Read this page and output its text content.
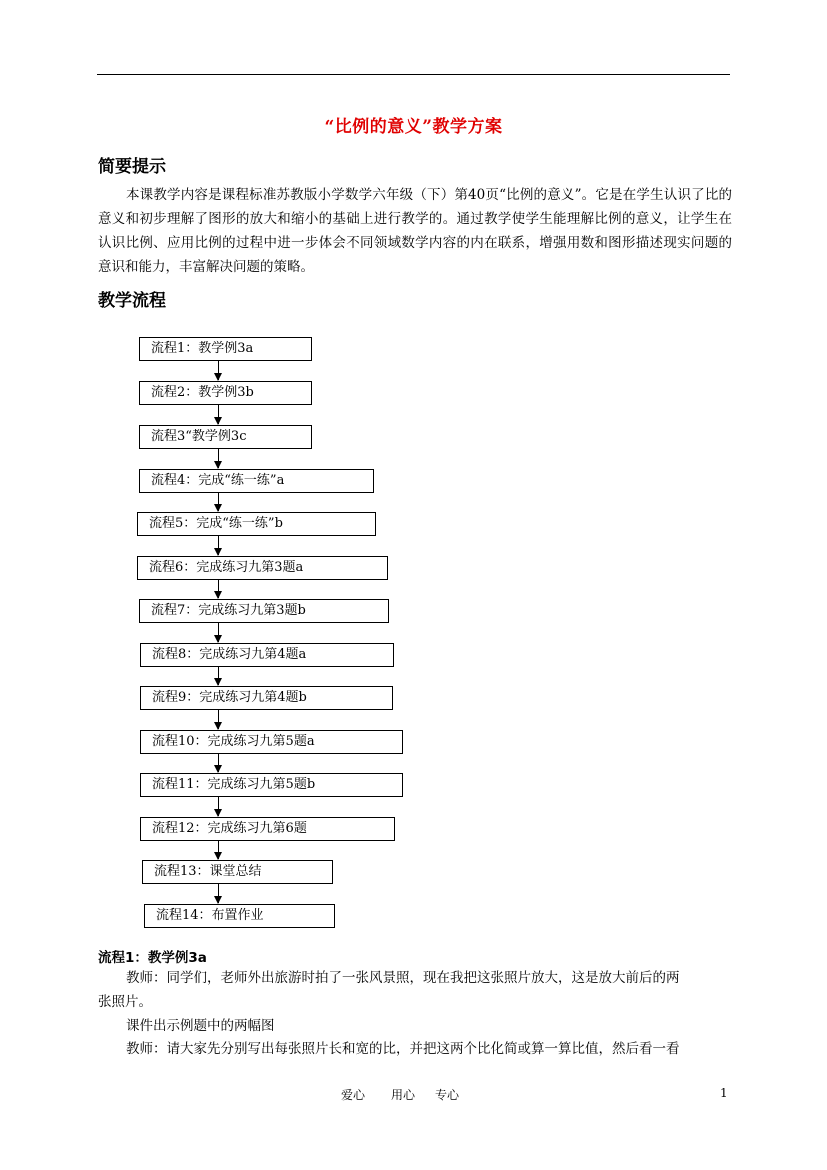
“比例的意义”教学方案
简要提示
本课教学内容是课程标准苏教版小学数学六年级（下）第40页“比例的意义”。它是在学生认识了比的意义和初步理解了图形的放大和缩小的基础上进行教学的。通过教学使学生能理解比例的意义，让学生在认识比例、应用比例的过程中进一步体会不同领域数学内容的内在联系，增强用数和图形描述现实问题的意识和能力，丰富解决问题的策略。
教学流程
流程1：教学例3a
流程2：教学例3b
流程3“教学例3c
流程4：完成“练一练”a
流程5：完成“练一练”b
流程6：完成练习九第3题a
流程7：完成练习九第3题b
流程8：完成练习九第4题a
流程9：完成练习九第4题b
流程10：完成练习九第5题a
流程11：完成练习九第5题b
流程12：完成练习九第6题
流程13：课堂总结
流程14：布置作业
流程1：教学例3a
教师：同学们，老师外出旅游时拍了一张风景照，现在我把这张照片放大，这是放大前后的两
张照片。
课件出示例题中的两幅图
教师：请大家先分别写出每张照片长和宽的比，并把这两个比化简或算一算比值，然后看一看
爱心 用心 专心	1
